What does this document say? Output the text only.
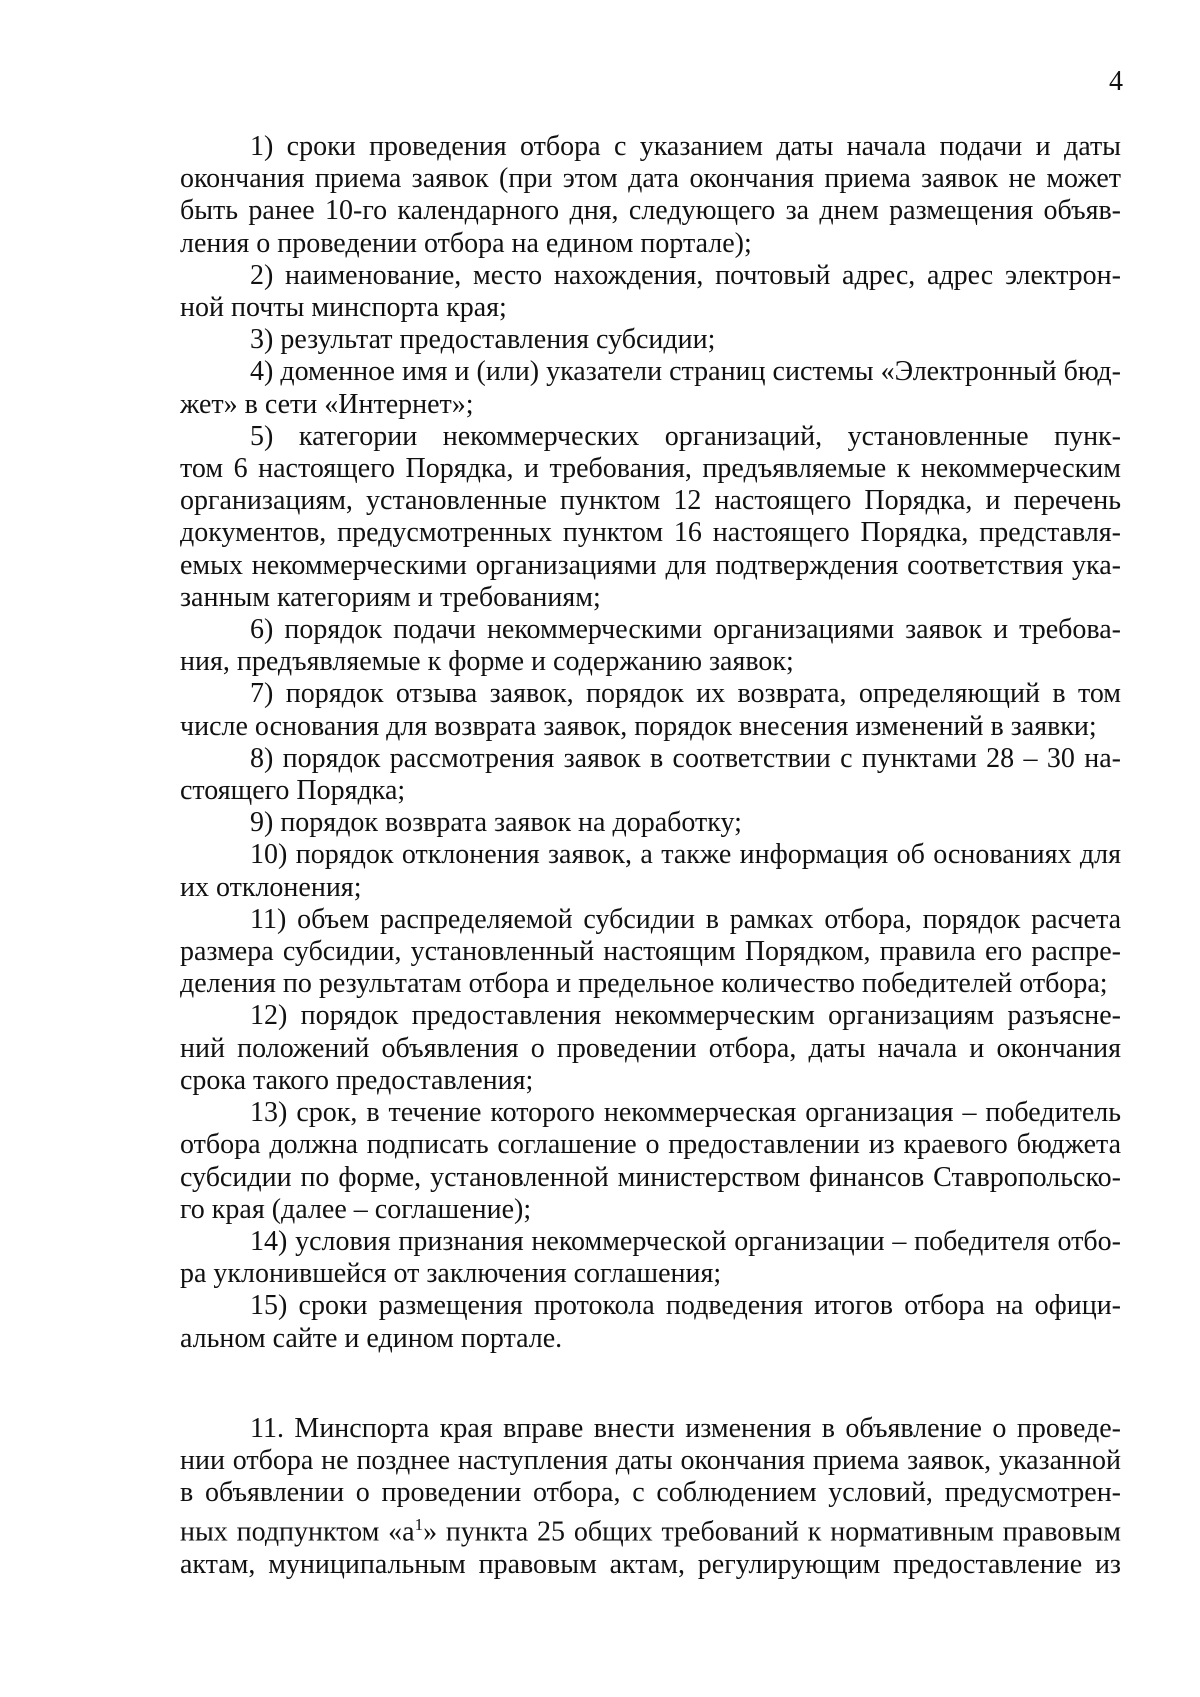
4
1) сроки проведения отбора с указанием даты начала подачи и даты
окончания приема заявок (при этом дата окончания приема заявок не может
быть ранее 10-го календарного дня, следующего за днем размещения объяв-
ления о проведении отбора на едином портале);
2) наименование, место нахождения, почтовый адрес, адрес электрон-
ной почты минспорта края;
3) результат предоставления субсидии;
4) доменное имя и (или) указатели страниц системы «Электронный бюд-
жет» в сети «Интернет»;
5) категории некоммерческих организаций, установленные пунк-
том 6 настоящего Порядка, и требования, предъявляемые к некоммерческим
организациям, установленные пунктом 12 настоящего Порядка, и перечень
документов, предусмотренных пунктом 16 настоящего Порядка, представля-
емых некоммерческими организациями для подтверждения соответствия ука-
занным категориям и требованиям;
6) порядок подачи некоммерческими организациями заявок и требова-
ния, предъявляемые к форме и содержанию заявок;
7) порядок отзыва заявок, порядок их возврата, определяющий в том
числе основания для возврата заявок, порядок внесения изменений в заявки;
8) порядок рассмотрения заявок в соответствии с пунктами 28 – 30 на-
стоящего Порядка;
9) порядок возврата заявок на доработку;
10) порядок отклонения заявок, а также информация об основаниях для
их отклонения;
11) объем распределяемой субсидии в рамках отбора, порядок расчета
размера субсидии, установленный настоящим Порядком, правила его распре-
деления по результатам отбора и предельное количество победителей отбора;
12) порядок предоставления некоммерческим организациям разъясне-
ний положений объявления о проведении отбора, даты начала и окончания
срока такого предоставления;
13) срок, в течение которого некоммерческая организация – победитель
отбора должна подписать соглашение о предоставлении из краевого бюджета
субсидии по форме, установленной министерством финансов Ставропольско-
го края (далее – соглашение);
14) условия признания некоммерческой организации – победителя отбо-
ра уклонившейся от заключения соглашения;
15) сроки размещения протокола подведения итогов отбора на офици-
альном сайте и едином портале.
11. Минспорта края вправе внести изменения в объявление о проведе-
нии отбора не позднее наступления даты окончания приема заявок, указанной
в объявлении о проведении отбора, с соблюдением условий, предусмотрен-
ных подпунктом «$а^1$» пункта 25 общих требований к нормативным правовым
актам, муниципальным правовым актам, регулирующим предоставление из
